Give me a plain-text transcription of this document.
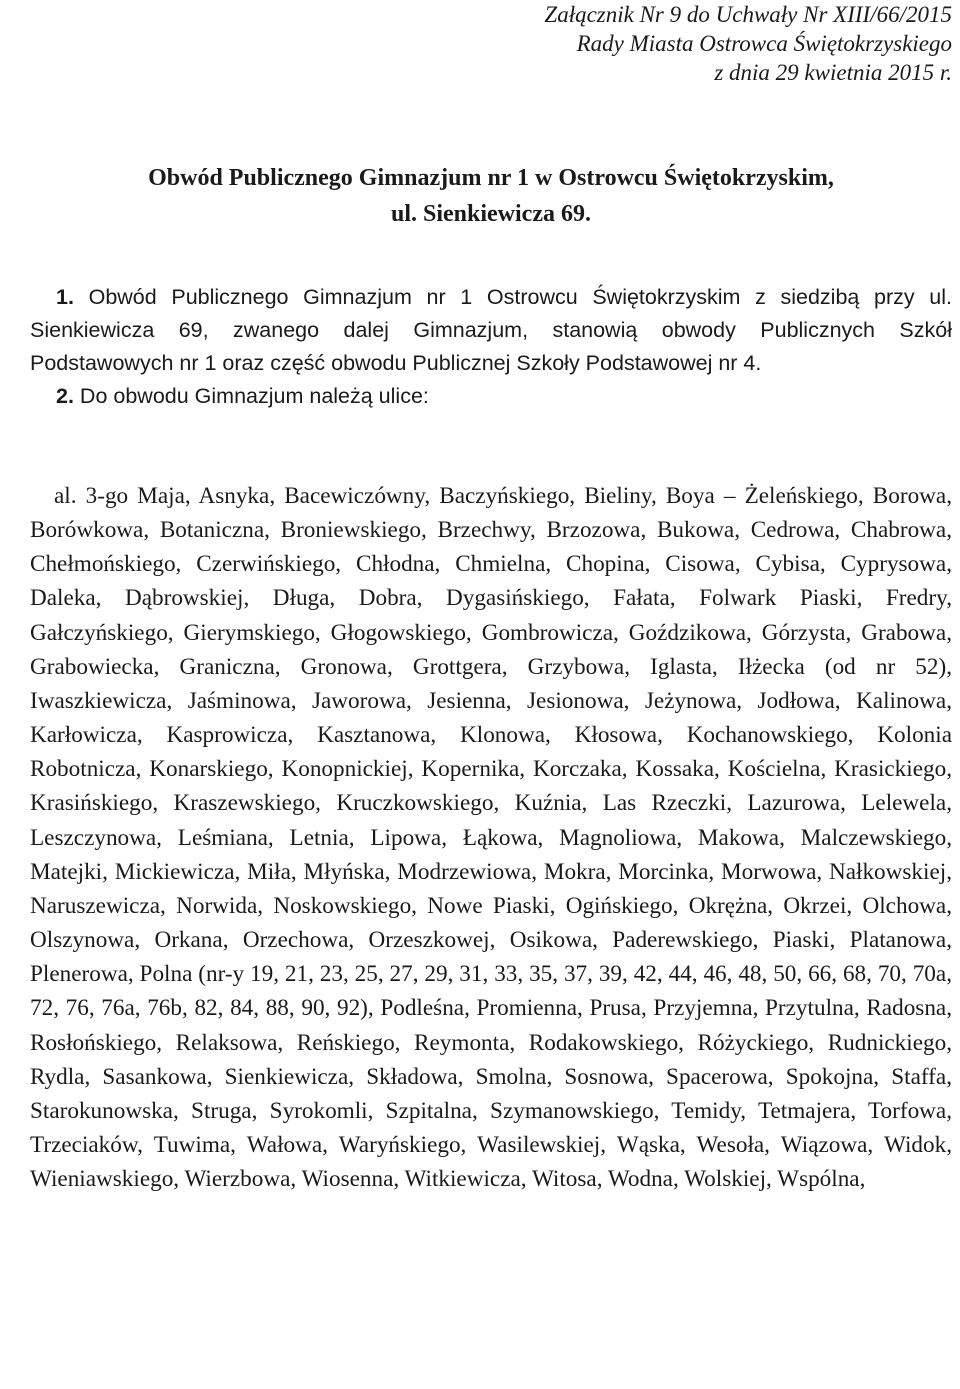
Załącznik Nr 9 do Uchwały Nr XIII/66/2015
Rady Miasta Ostrowca Świętokrzyskiego
z dnia 29 kwietnia 2015 r.
Obwód Publicznego Gimnazjum nr 1 w Ostrowcu Świętokrzyskim,
ul. Sienkiewicza 69.

1. Obwód Publicznego Gimnazjum nr 1 Ostrowcu Świętokrzyskim z siedzibą przy ul. Sienkiewicza 69, zwanego dalej Gimnazjum, stanowią obwody Publicznych Szkół Podstawowych nr 1 oraz część obwodu Publicznej Szkoły Podstawowej nr 4.

2. Do obwodu Gimnazjum należą ulice:

al. 3-go Maja, Asnyka, Bacewiczówny, Baczyńskiego, Bieliny, Boya – Żeleńskiego, Borowa, Borówkowa, Botaniczna, Broniewskiego, Brzechwy, Brzozowa, Bukowa, Cedrowa, Chabrowa, Chełmońskiego, Czerwińskiego, Chłodna, Chmielna, Chopina, Cisowa, Cybisa, Cyprysowa, Daleka, Dąbrowskiej, Długa, Dobra, Dygasińskiego, Fałata, Folwark Piaski, Fredry, Gałczyńskiego, Gierymskiego, Głogowskiego, Gombrowicza, Goździkowa, Górzysta, Grabowa, Grabowiecka, Graniczna, Gronowa, Grottgera, Grzybowa, Iglasta, Iłżecka (od nr 52), Iwaszkiewicza, Jaśminowa, Jaworowa, Jesienna, Jesionowa, Jeżynowa, Jodłowa, Kalinowa, Karłowicza, Kasprowicza, Kasztanowa, Klonowa, Kłosowa, Kochanowskiego, Kolonia Robotnicza, Konarskiego, Konopnickiej, Kopernika, Korczaka, Kossaka, Kościelna, Krasickiego, Krasińskiego, Kraszewskiego, Kruczkowskiego, Kuźnia, Las Rzeczki, Lazurowa, Lelewela, Leszczynowa, Leśmiana, Letnia, Lipowa, Łąkowa, Magnoliowa, Makowa, Malczewskiego, Matejki, Mickiewicza, Miła, Młyńska, Modrzewiowa, Mokra, Morcinka, Morwowa, Nałkowskiej, Naruszewicza, Norwida, Noskowskiego, Nowe Piaski, Ogińskiego, Okrężna, Okrzei, Olchowa, Olszynowa, Orkana, Orzechowa, Orzeszkowej, Osikowa, Paderewskiego, Piaski, Platanowa, Plenerowa, Polna (nr-y 19, 21, 23, 25, 27, 29, 31, 33, 35, 37, 39, 42, 44, 46, 48, 50, 66, 68, 70, 70a, 72, 76, 76a, 76b, 82, 84, 88, 90, 92), Podleśna, Promienna, Prusa, Przyjemna, Przytulna, Radosna, Rosłońskiego, Relaksowa, Reńskiego, Reymonta, Rodakowskiego, Różyckiego, Rudnickiego, Rydla, Sasankowa, Sienkiewicza, Składowa, Smolna, Sosnowa, Spacerowa, Spokojna, Staffa, Starokunowska, Struga, Syrokomli, Szpitalna, Szymanowskiego, Temidy, Tetmajera, Torfowa, Trzeciaków, Tuwima, Wałowa, Waryńskiego, Wasilewskiej, Wąska, Wesoła, Wiązowa, Widok, Wieniawskiego, Wierzbowa, Wiosenna, Witkiewicza, Witosa, Wodna, Wolskiej, Wspólna,
